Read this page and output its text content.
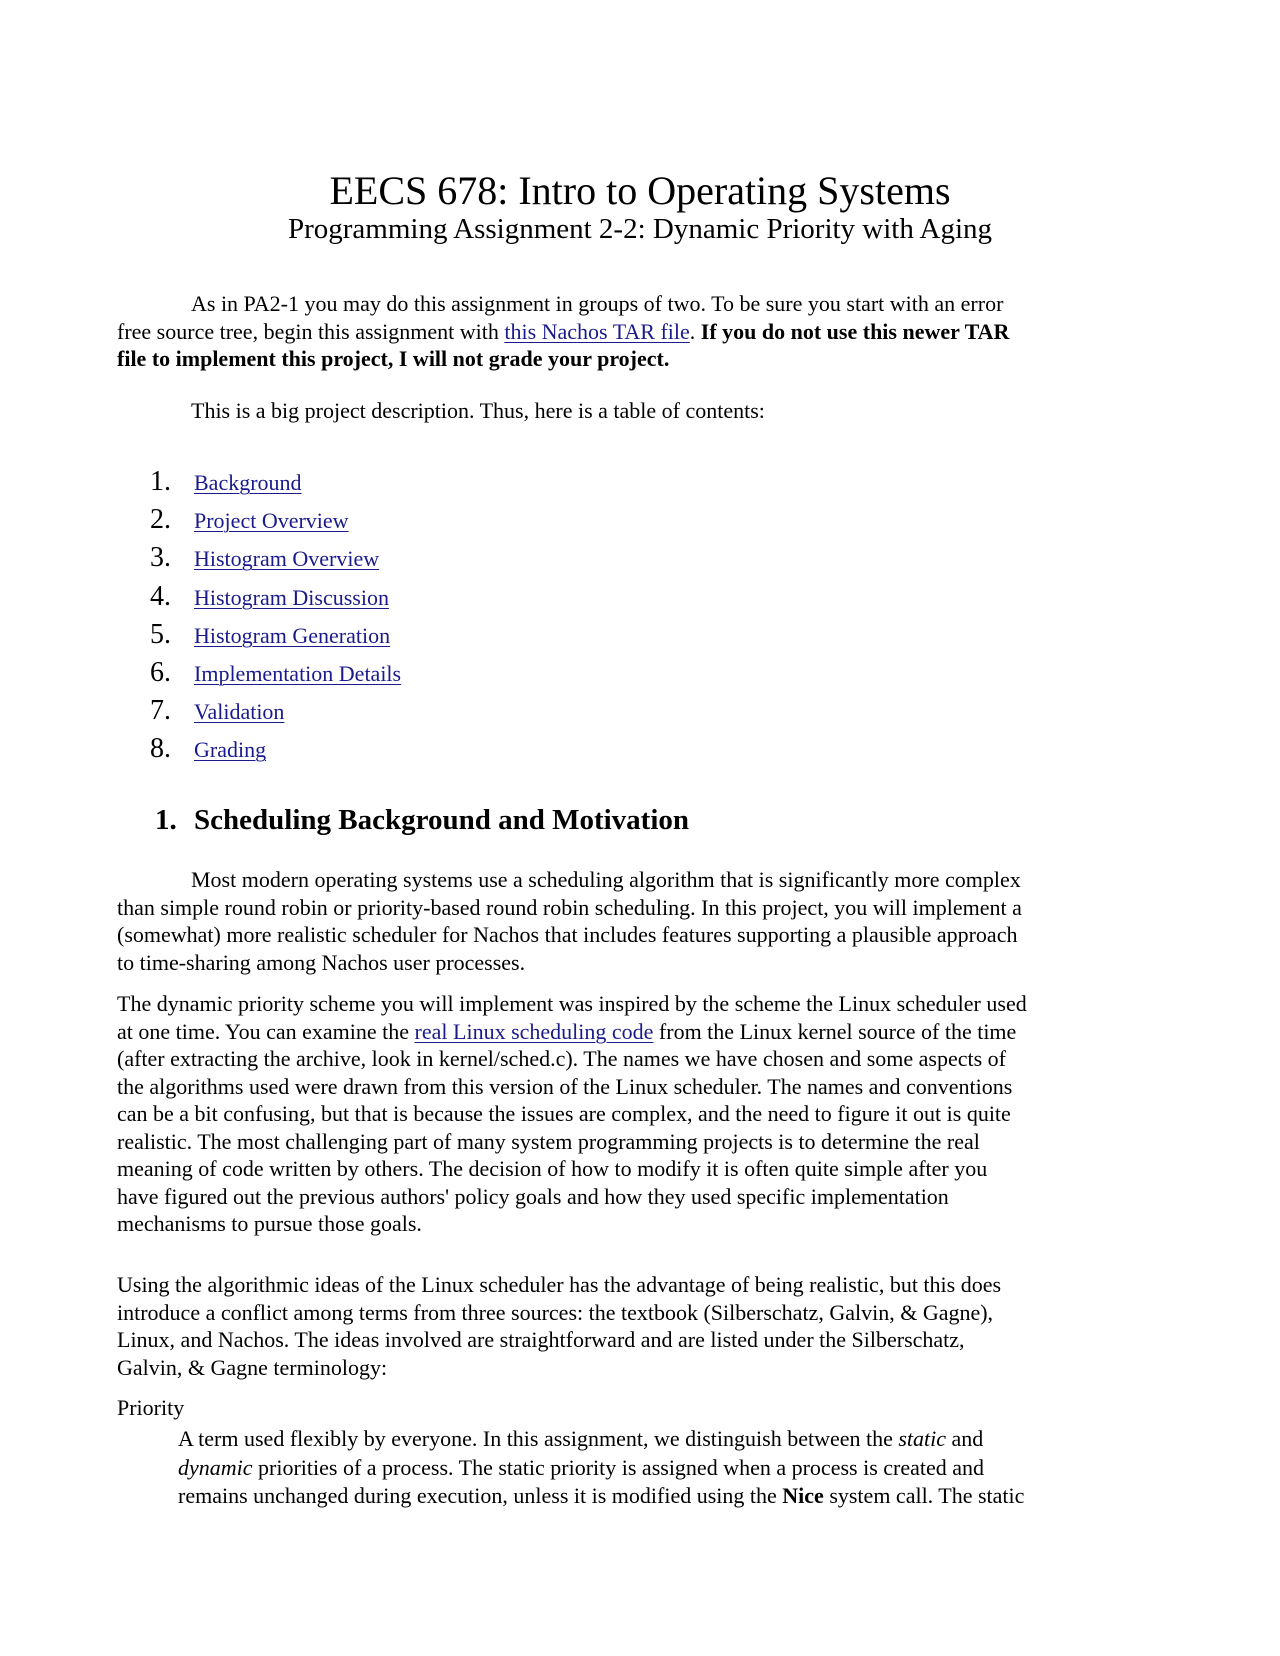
EECS 678: Intro to Operating Systems
Programming Assignment 2-2: Dynamic Priority with Aging
As in PA2-1 you may do this assignment in groups of two. To be sure you start with an error
free source tree, begin this assignment with this Nachos TAR file. If you do not use this newer TAR
file to implement this project, I will not grade your project.
This is a big project description. Thus, here is a table of contents:
1.	Background
2.	Project Overview
3.	Histogram Overview
4.	Histogram Discussion
5.	Histogram Generation
6.	Implementation Details
7.	Validation
8.	Grading
1. Scheduling Background and Motivation
Most modern operating systems use a scheduling algorithm that is significantly more complex
than simple round robin or priority-based round robin scheduling. In this project, you will implement a
(somewhat) more realistic scheduler for Nachos that includes features supporting a plausible approach
to time-sharing among Nachos user processes.
The dynamic priority scheme you will implement was inspired by the scheme the Linux scheduler used
at one time. You can examine the real Linux scheduling code from the Linux kernel source of the time
(after extracting the archive, look in kernel/sched.c). The names we have chosen and some aspects of
the algorithms used were drawn from this version of the Linux scheduler. The names and conventions
can be a bit confusing, but that is because the issues are complex, and the need to figure it out is quite
realistic. The most challenging part of many system programming projects is to determine the real
meaning of code written by others. The decision of how to modify it is often quite simple after you
have figured out the previous authors' policy goals and how they used specific implementation
mechanisms to pursue those goals.
Using the algorithmic ideas of the Linux scheduler has the advantage of being realistic, but this does
introduce a conflict among terms from three sources: the textbook (Silberschatz, Galvin, & Gagne),
Linux, and Nachos. The ideas involved are straightforward and are listed under the Silberschatz,
Galvin, & Gagne terminology:
Priority
A term used flexibly by everyone. In this assignment, we distinguish between the static and
dynamic priorities of a process. The static priority is assigned when a process is created and
remains unchanged during execution, unless it is modified using the Nice system call. The static
